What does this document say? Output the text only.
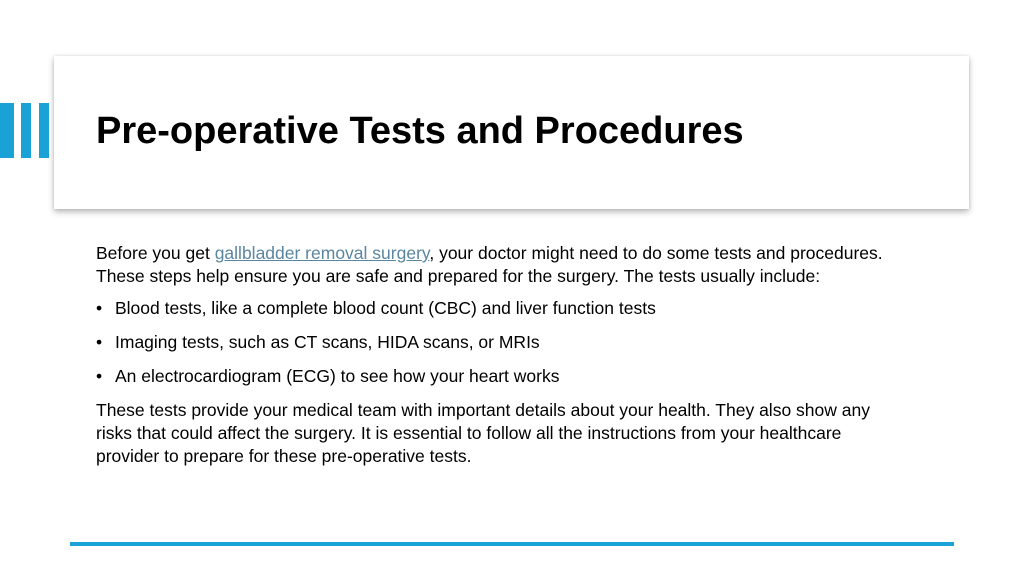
Pre-operative Tests and Procedures

Before you get gallbladder removal surgery, your doctor might need to do some tests and procedures. These steps help ensure you are safe and prepared for the surgery. The tests usually include:

• Blood tests, like a complete blood count (CBC) and liver function tests
• Imaging tests, such as CT scans, HIDA scans, or MRIs
• An electrocardiogram (ECG) to see how your heart works

These tests provide your medical team with important details about your health. They also show any risks that could affect the surgery. It is essential to follow all the instructions from your healthcare provider to prepare for these pre-operative tests.
